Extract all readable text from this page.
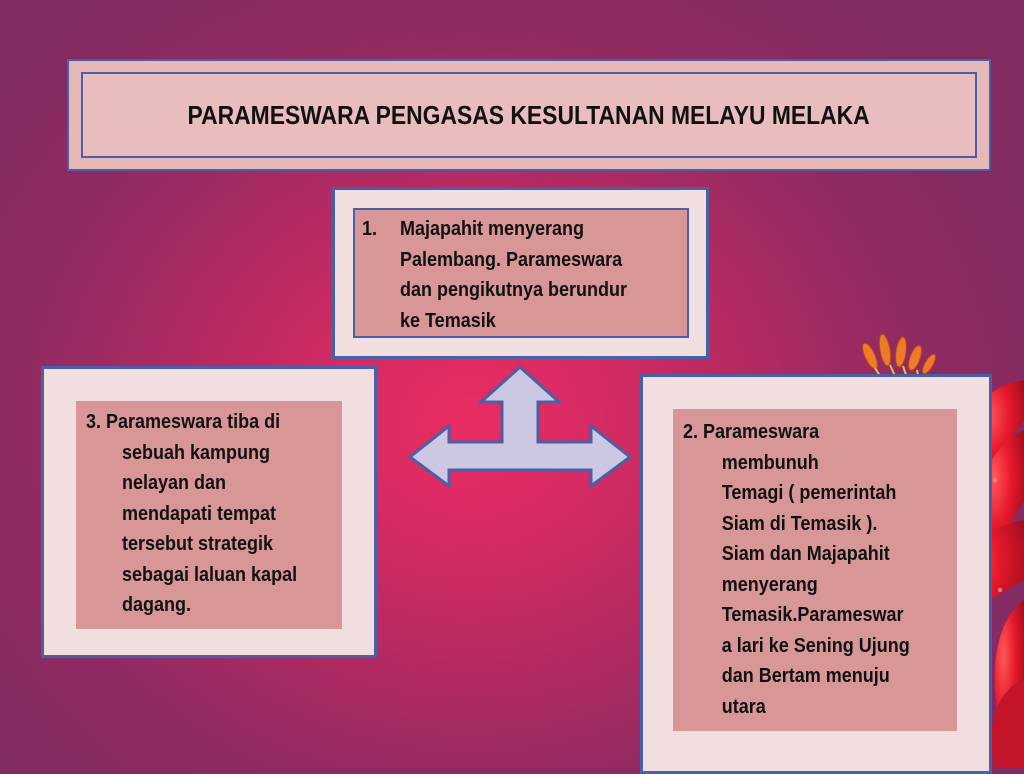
PARAMESWARA PENGASAS KESULTANAN MELAYU MELAKA
1. Majapahit menyerang
Palembang. Parameswara
dan pengikutnya berundur
ke Temasik
3. Parameswara tiba di
sebuah kampung
nelayan dan
mendapati tempat
tersebut strategik
sebagai laluan kapal
dagang.
2. Parameswara
membunuh
Temagi ( pemerintah
Siam di Temasik ).
Siam dan Majapahit
menyerang
Temasik.Parameswar
a lari ke Sening Ujung
dan Bertam menuju
utara
